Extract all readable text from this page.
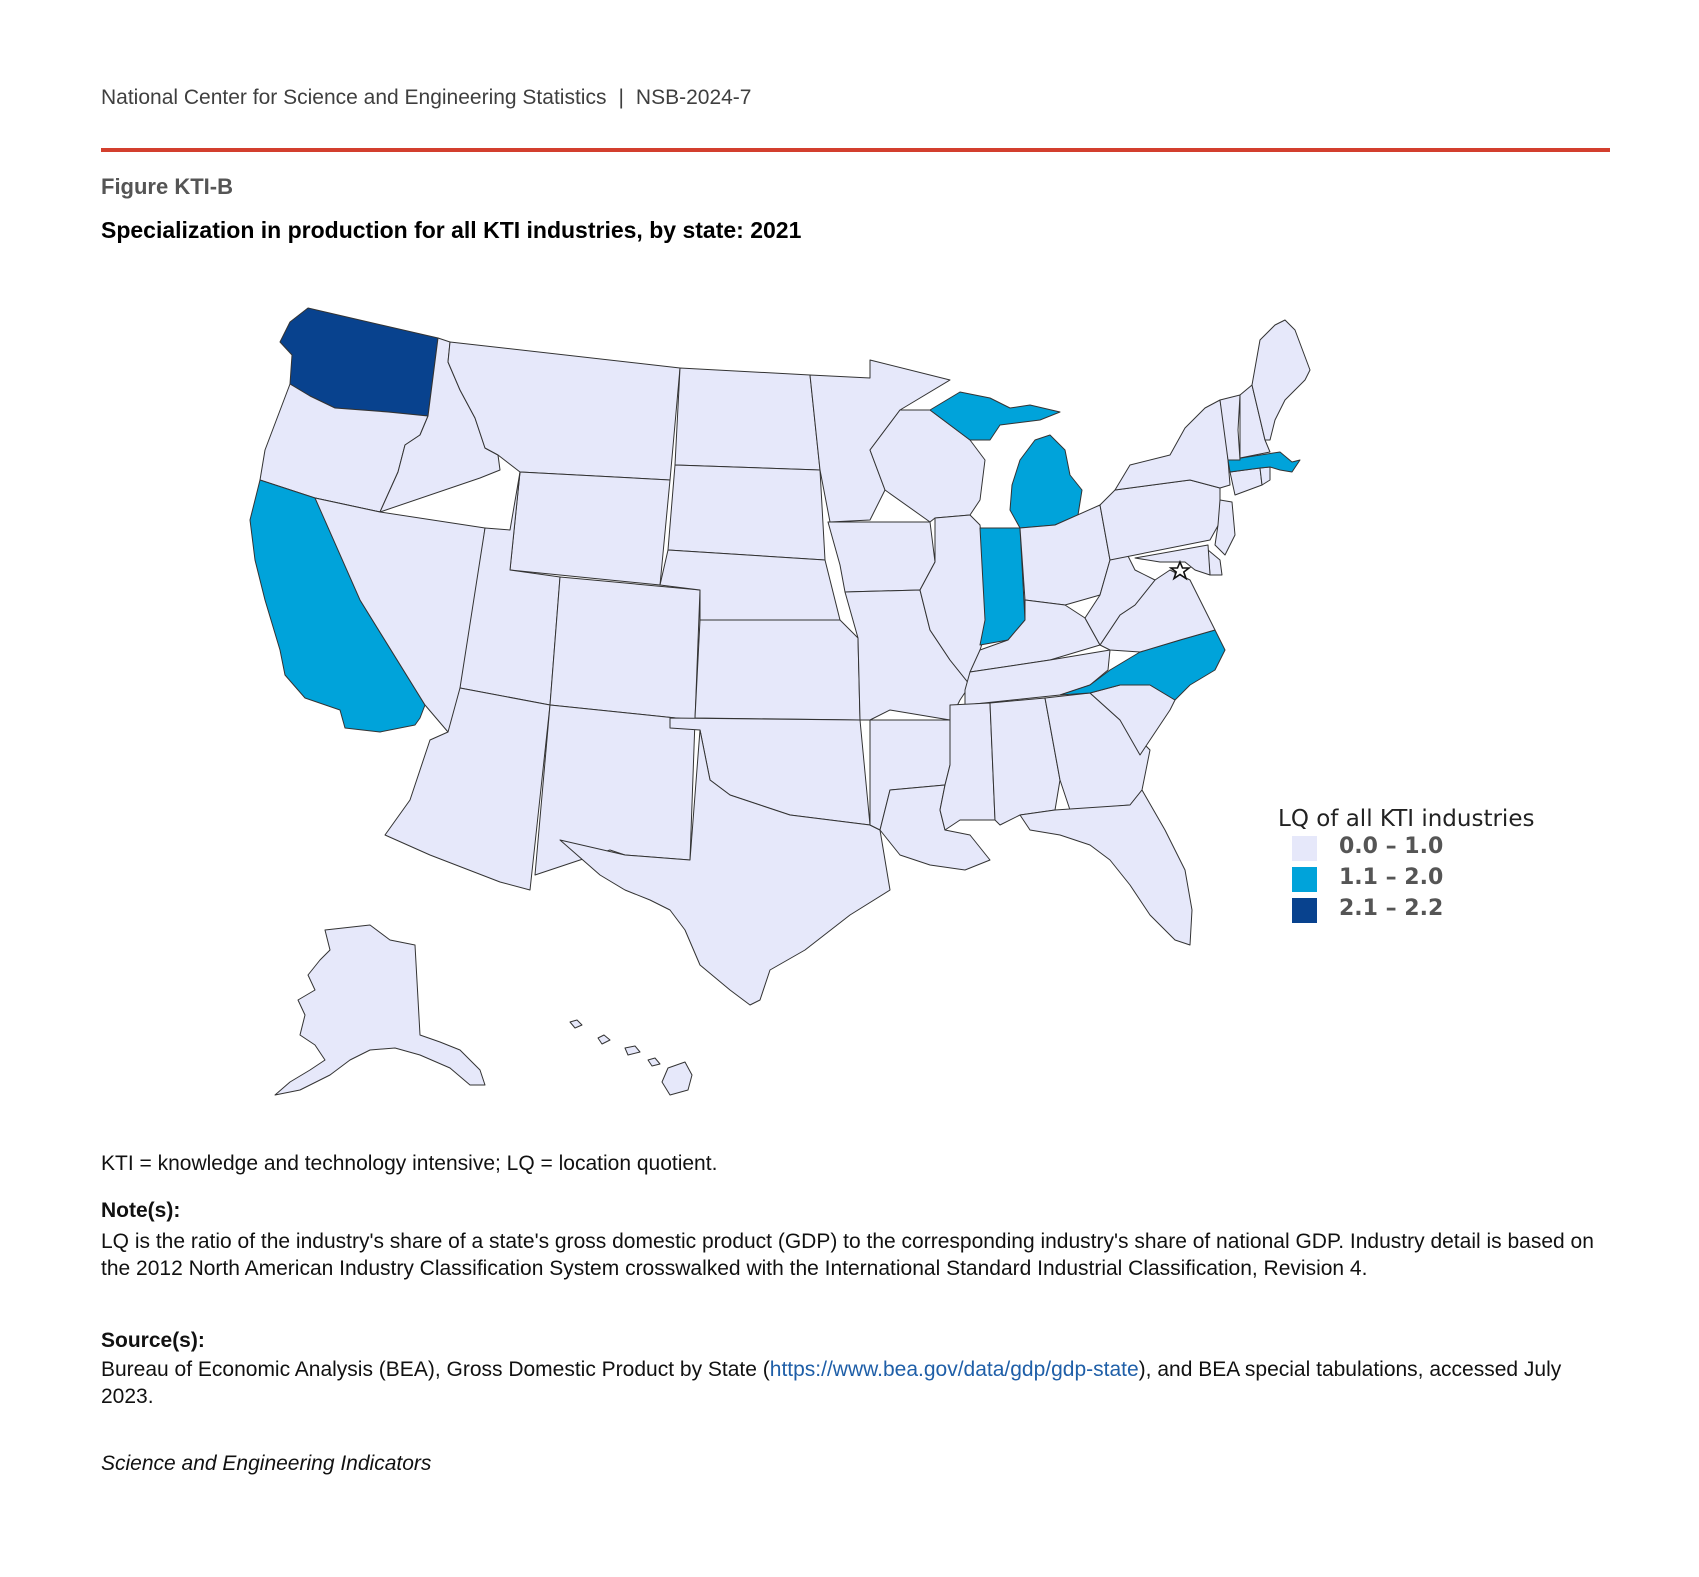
National Center for Science and Engineering Statistics | NSB-2024-7
Figure KTI-B
Specialization in production for all KTI industries, by state: 2021
LQ of all KTI industries
0.0 – 1.0
1.1 – 2.0
2.1 – 2.2
KTI = knowledge and technology intensive; LQ = location quotient.
Note(s):
LQ is the ratio of the industry's share of a state's gross domestic product (GDP) to the corresponding industry's share of national GDP. Industry detail is based on the 2012 North American Industry Classification System crosswalked with the International Standard Industrial Classification, Revision 4.
Source(s):
Bureau of Economic Analysis (BEA), Gross Domestic Product by State (https://www.bea.gov/data/gdp/gdp-state), and BEA special tabulations, accessed July 2023.
Science and Engineering Indicators
